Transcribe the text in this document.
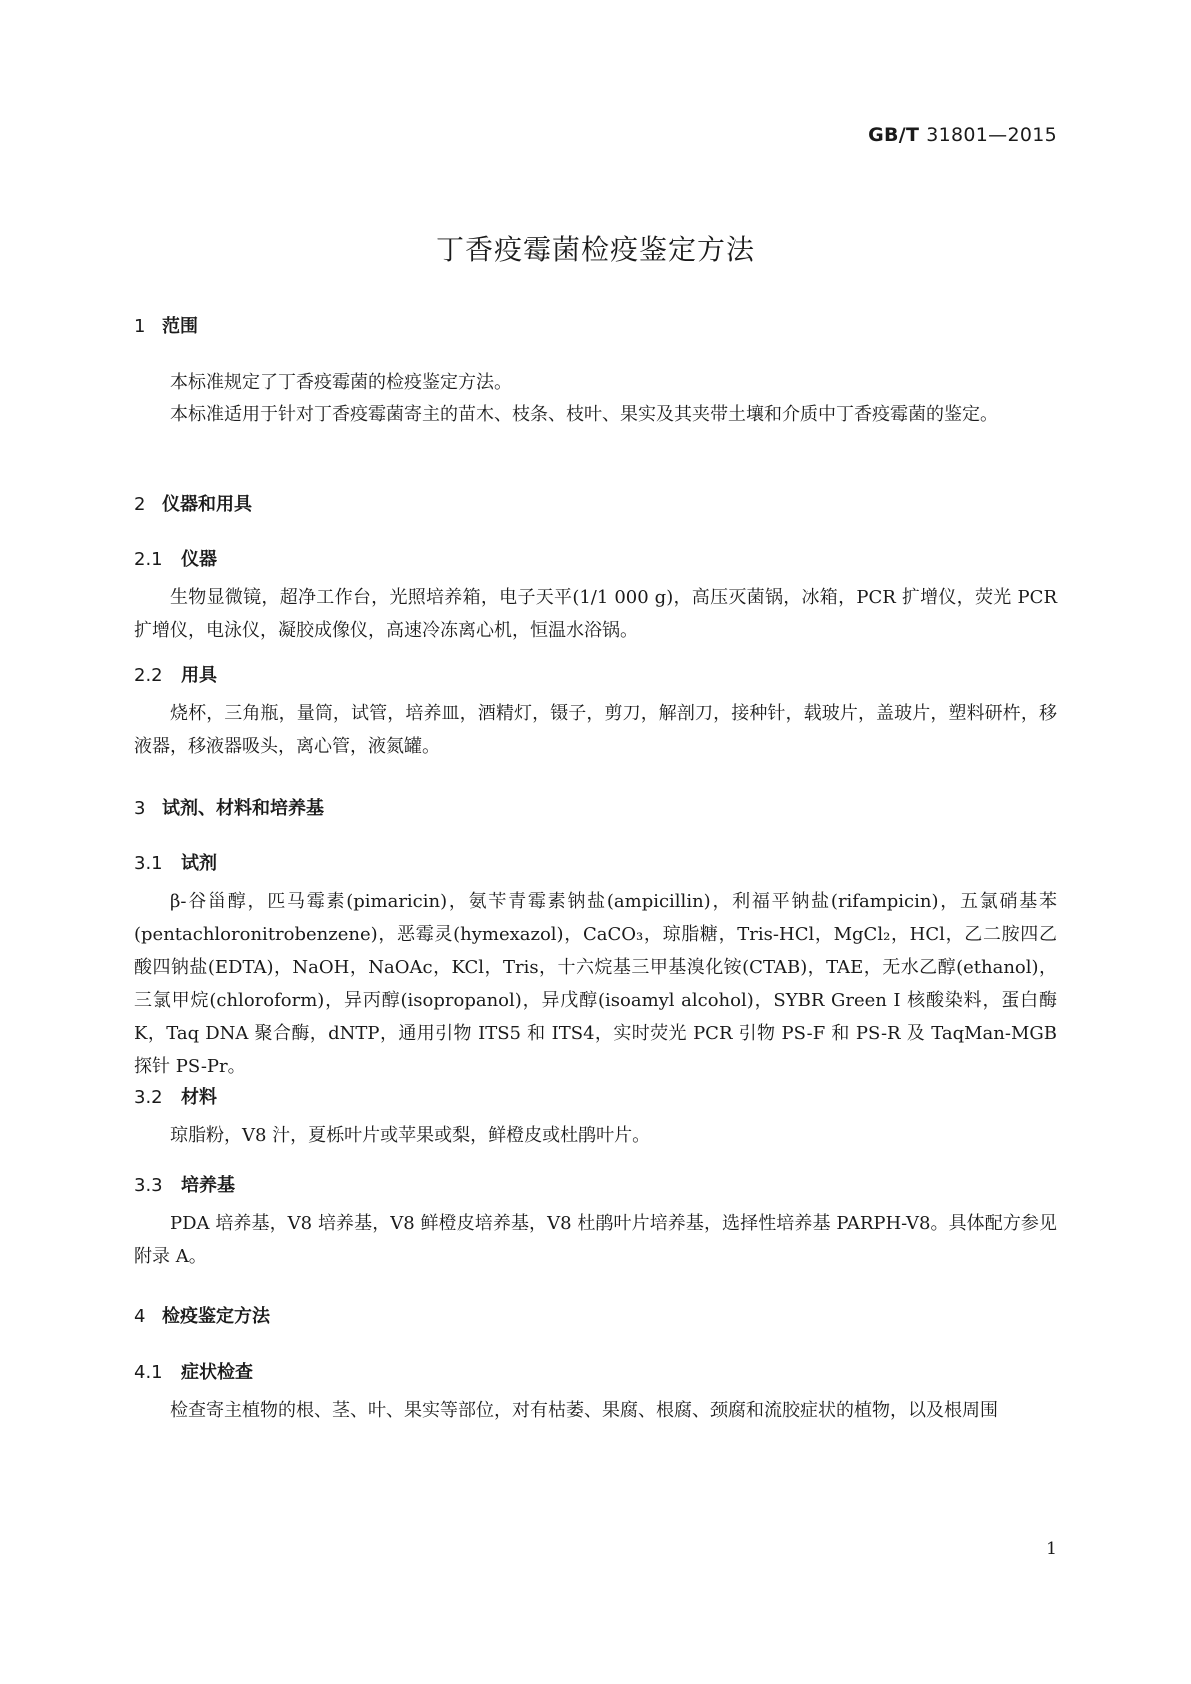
GB/T 31801—2015
丁香疫霉菌检疫鉴定方法
1 范围

本标准规定了丁香疫霉菌的检疫鉴定方法。

本标准适用于针对丁香疫霉菌寄主的苗木、枝条、枝叶、果实及其夹带土壤和介质中丁香疫霉菌的鉴定。

2 仪器和用具
2.1 仪器

生物显微镜，超净工作台，光照培养箱，电子天平(1/1 000 g)，高压灭菌锅，冰箱，PCR 扩增仪，荧光 PCR 扩增仪，电泳仪，凝胶成像仪，高速冷冻离心机，恒温水浴锅。

2.2 用具

烧杯，三角瓶，量筒，试管，培养皿，酒精灯，镊子，剪刀，解剖刀，接种针，载玻片，盖玻片，塑料研杵，移液器，移液器吸头，离心管，液氮罐。

3 试剂、材料和培养基
3.1 试剂

β-谷甾醇，匹马霉素(pimaricin)，氨苄青霉素钠盐(ampicillin)，利福平钠盐(rifampicin)，五氯硝基苯(pentachloronitrobenzene)，恶霉灵(hymexazol)，CaCO₃，琼脂糖，Tris-HCl，MgCl₂，HCl，乙二胺四乙酸四钠盐(EDTA)，NaOH，NaOAc，KCl，Tris，十六烷基三甲基溴化铵(CTAB)，TAE，无水乙醇(ethanol)，三氯甲烷(chloroform)，异丙醇(isopropanol)，异戊醇(isoamyl alcohol)，SYBR Green I 核酸染料，蛋白酶 K，Taq DNA 聚合酶，dNTP，通用引物 ITS5 和 ITS4，实时荧光 PCR 引物 PS-F 和 PS-R 及 TaqMan-MGB 探针 PS-Pr。

3.2 材料

琼脂粉，V8 汁，夏栎叶片或苹果或梨，鲜橙皮或杜鹃叶片。

3.3 培养基

PDA 培养基，V8 培养基，V8 鲜橙皮培养基，V8 杜鹃叶片培养基，选择性培养基 PARPH-V8。具体配方参见附录 A。

4 检疫鉴定方法
4.1 症状检查

检查寄主植物的根、茎、叶、果实等部位，对有枯萎、果腐、根腐、颈腐和流胶症状的植物，以及根周围

1
